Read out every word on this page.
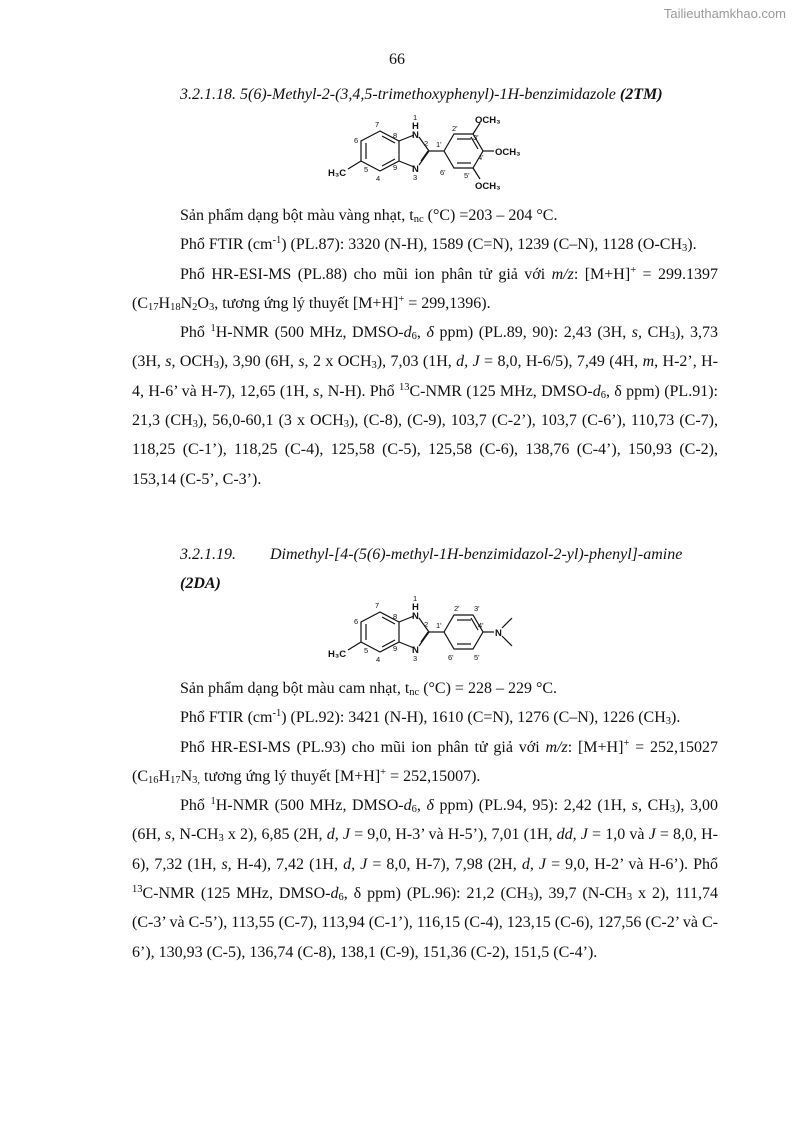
Tailieuthamkhao.com
66
3.2.1.18. 5(6)-Methyl-2-(3,4,5-trimethoxyphenyl)-1H-benzimidazole (2TM)
N
H
N
H₃C
OCH₃
OCH₃
OCH₃
1
2
3
4
5
6
7
8
9
1'
2'
3'
4'
5'
6'

Sản phẩm dạng bột màu vàng nhạt, $t_{nc}$ (°C) =203 – 204 °C.

Phổ FTIR $(cm^{-1})$ (PL.87): 3320 (N-H), 1589 (C=N), 1239 (C–N), 1128 $(O-CH_3)$.

Phổ HR-ESI-MS (PL.88) cho mũi ion phân tử giả với m/z: [M+H]+ = 299.1397 ($C_{17}H_{18}N_2O_3$, tương ứng lý thuyết [M+H]+ = 299,1396).

Phổ $^1$H-NMR (500 MHz, DMSO-$d_6$, δ ppm) (PL.89, 90): 2,43 (3H, s, $CH_3$), 3,73 (3H, s, $OCH_3$), 3,90 (6H, s, 2 x $OCH_3$), 7,03 (1H, d, J = 8,0, H-6/5), 7,49 (4H, m, H-2’, H-4, H-6’ và H-7), 12,65 (1H, s, N-H). Phổ $^{13}$C-NMR (125 MHz, DMSO-$d_6$, δ ppm) (PL.91): 21,3 $(CH_3)$, 56,0-60,1 (3 x $OCH_3$), (C-8), (C-9), 103,7 (C-2’), 103,7 (C-6’), 110,73 (C-7), 118,25 (C-1’), 118,25 (C-4), 125,58 (C-5), 125,58 (C-6), 138,76 (C-4’), 150,93 (C-2), 153,14 (C-5’, C-3’).

3.2.1.19. Dimethyl-[4-(5(6)-methyl-1H-benzimidazol-2-yl)-phenyl]-amine
(2DA)
N
H
N
H₃C
N
1
2
3
4
5
6
7
8
9
1'
2' 3'
4'
5'
6'

Sản phẩm dạng bột màu cam nhạt, $t_{nc}$ (°C) = 228 – 229 °C.

Phổ FTIR $(cm^{-1})$ (PL.92): 3421 (N-H), 1610 (C=N), 1276 (C–N), 1226 $(CH_3)$.

Phổ HR-ESI-MS (PL.93) cho mũi ion phân tử giả với m/z: [M+H]+ = 252,15027 ($C_{16}H_{17}N_{3,}$ tương ứng lý thuyết [M+H]+ = 252,15007).

Phổ $^1$H-NMR (500 MHz, DMSO-$d_6$, δ ppm) (PL.94, 95): 2,42 (1H, s, $CH_3$), 3,00 (6H, s, $N-CH_3$ x 2), 6,85 (2H, d, J = 9,0, H-3’ và H-5’), 7,01 (1H, dd, J = 1,0 và J = 8,0, H-6), 7,32 (1H, s, H-4), 7,42 (1H, d, J = 8,0, H-7), 7,98 (2H, d, J = 9,0, H-2’ và H-6’). Phổ $^{13}$C-NMR (125 MHz, DMSO-$d_6$, δ ppm) (PL.96): 21,2 $(CH_3)$, 39,7 ($N-CH_3$ x 2), 111,74 (C-3’ và C-5’), 113,55 (C-7), 113,94 (C-1’), 116,15 (C-4), 123,15 (C-6), 127,56 (C-2’ và C-6’), 130,93 (C-5), 136,74 (C-8), 138,1 (C-9), 151,36 (C-2), 151,5 (C-4’).
